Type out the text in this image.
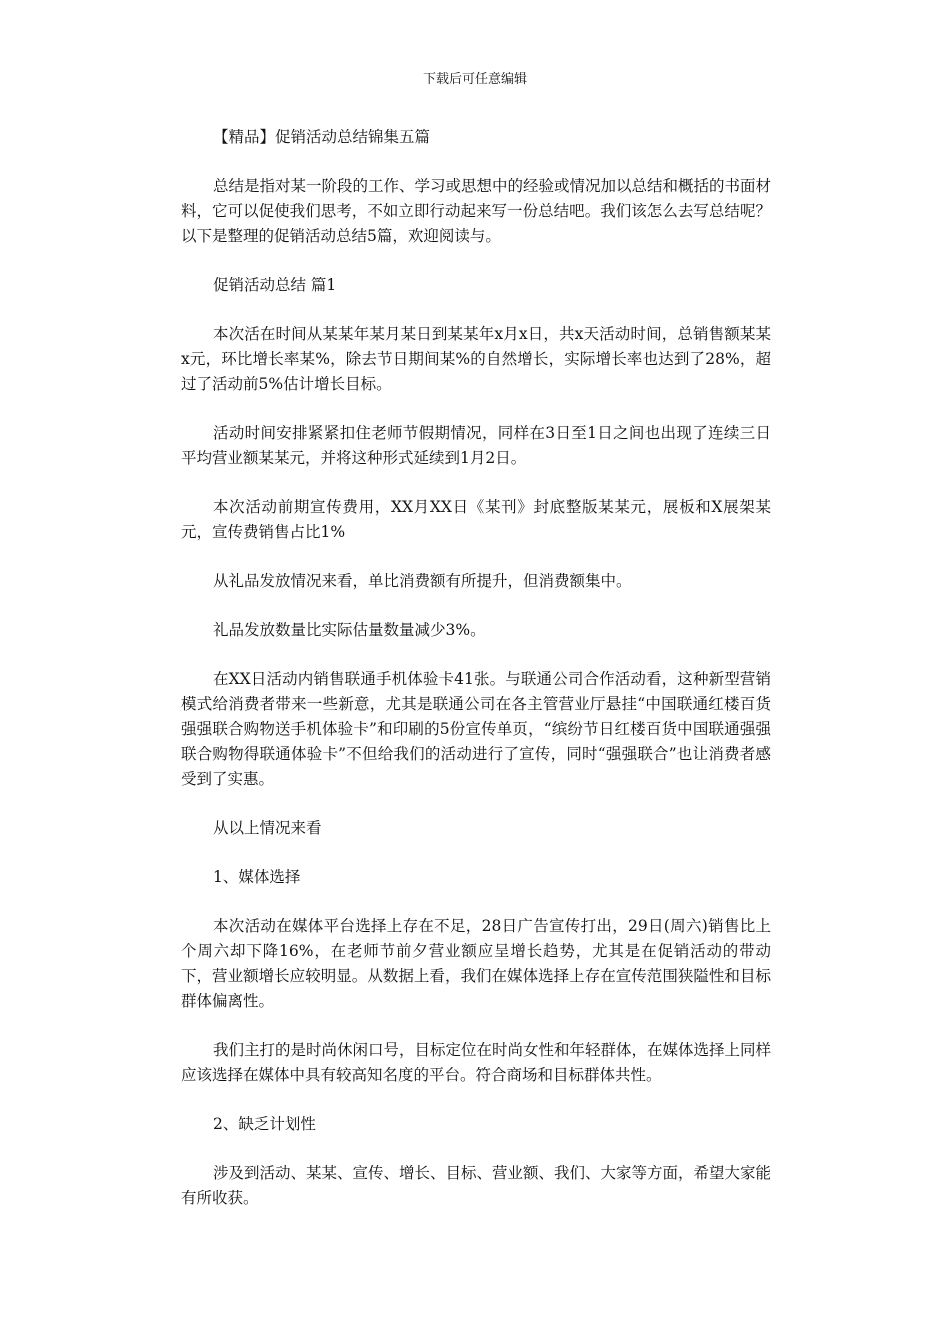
下载后可任意编辑

【精品】促销活动总结锦集五篇

总结是指对某一阶段的工作、学习或思想中的经验或情况加以总结和概括的书面材料，它可以促使我们思考，不如立即行动起来写一份总结吧。我们该怎么去写总结呢？以下是整理的促销活动总结5篇，欢迎阅读与。

促销活动总结 篇1

本次活在时间从某某年某月某日到某某年x月x日，共x天活动时间，总销售额某某x元，环比增长率某%，除去节日期间某%的自然增长，实际增长率也达到了28%，超过了活动前5%估计增长目标。

活动时间安排紧紧扣住老师节假期情况，同样在3日至1日之间也出现了连续三日平均营业额某某元，并将这种形式延续到1月2日。

本次活动前期宣传费用，XX月XX日《某刊》封底整版某某元，展板和X展架某元，宣传费销售占比1%

从礼品发放情况来看，单比消费额有所提升，但消费额集中。

礼品发放数量比实际估量数量减少3%。

在XX日活动内销售联通手机体验卡41张。与联通公司合作活动看，这种新型营销模式给消费者带来一些新意，尤其是联通公司在各主管营业厅悬挂“中国联通红楼百货强强联合购物送手机体验卡”和印刷的5份宣传单页，“缤纷节日红楼百货中国联通强强联合购物得联通体验卡”不但给我们的活动进行了宣传，同时“强强联合”也让消费者感受到了实惠。

从以上情况来看

1、媒体选择

本次活动在媒体平台选择上存在不足，28日广告宣传打出，29日(周六)销售比上个周六却下降16%，在老师节前夕营业额应呈增长趋势，尤其是在促销活动的带动下，营业额增长应较明显。从数据上看，我们在媒体选择上存在宣传范围狭隘性和目标群体偏离性。

我们主打的是时尚休闲口号，目标定位在时尚女性和年轻群体，在媒体选择上同样应该选择在媒体中具有较高知名度的平台。符合商场和目标群体共性。

2、缺乏计划性

涉及到活动、某某、宣传、增长、目标、营业额、我们、大家等方面，希望大家能有所收获。
